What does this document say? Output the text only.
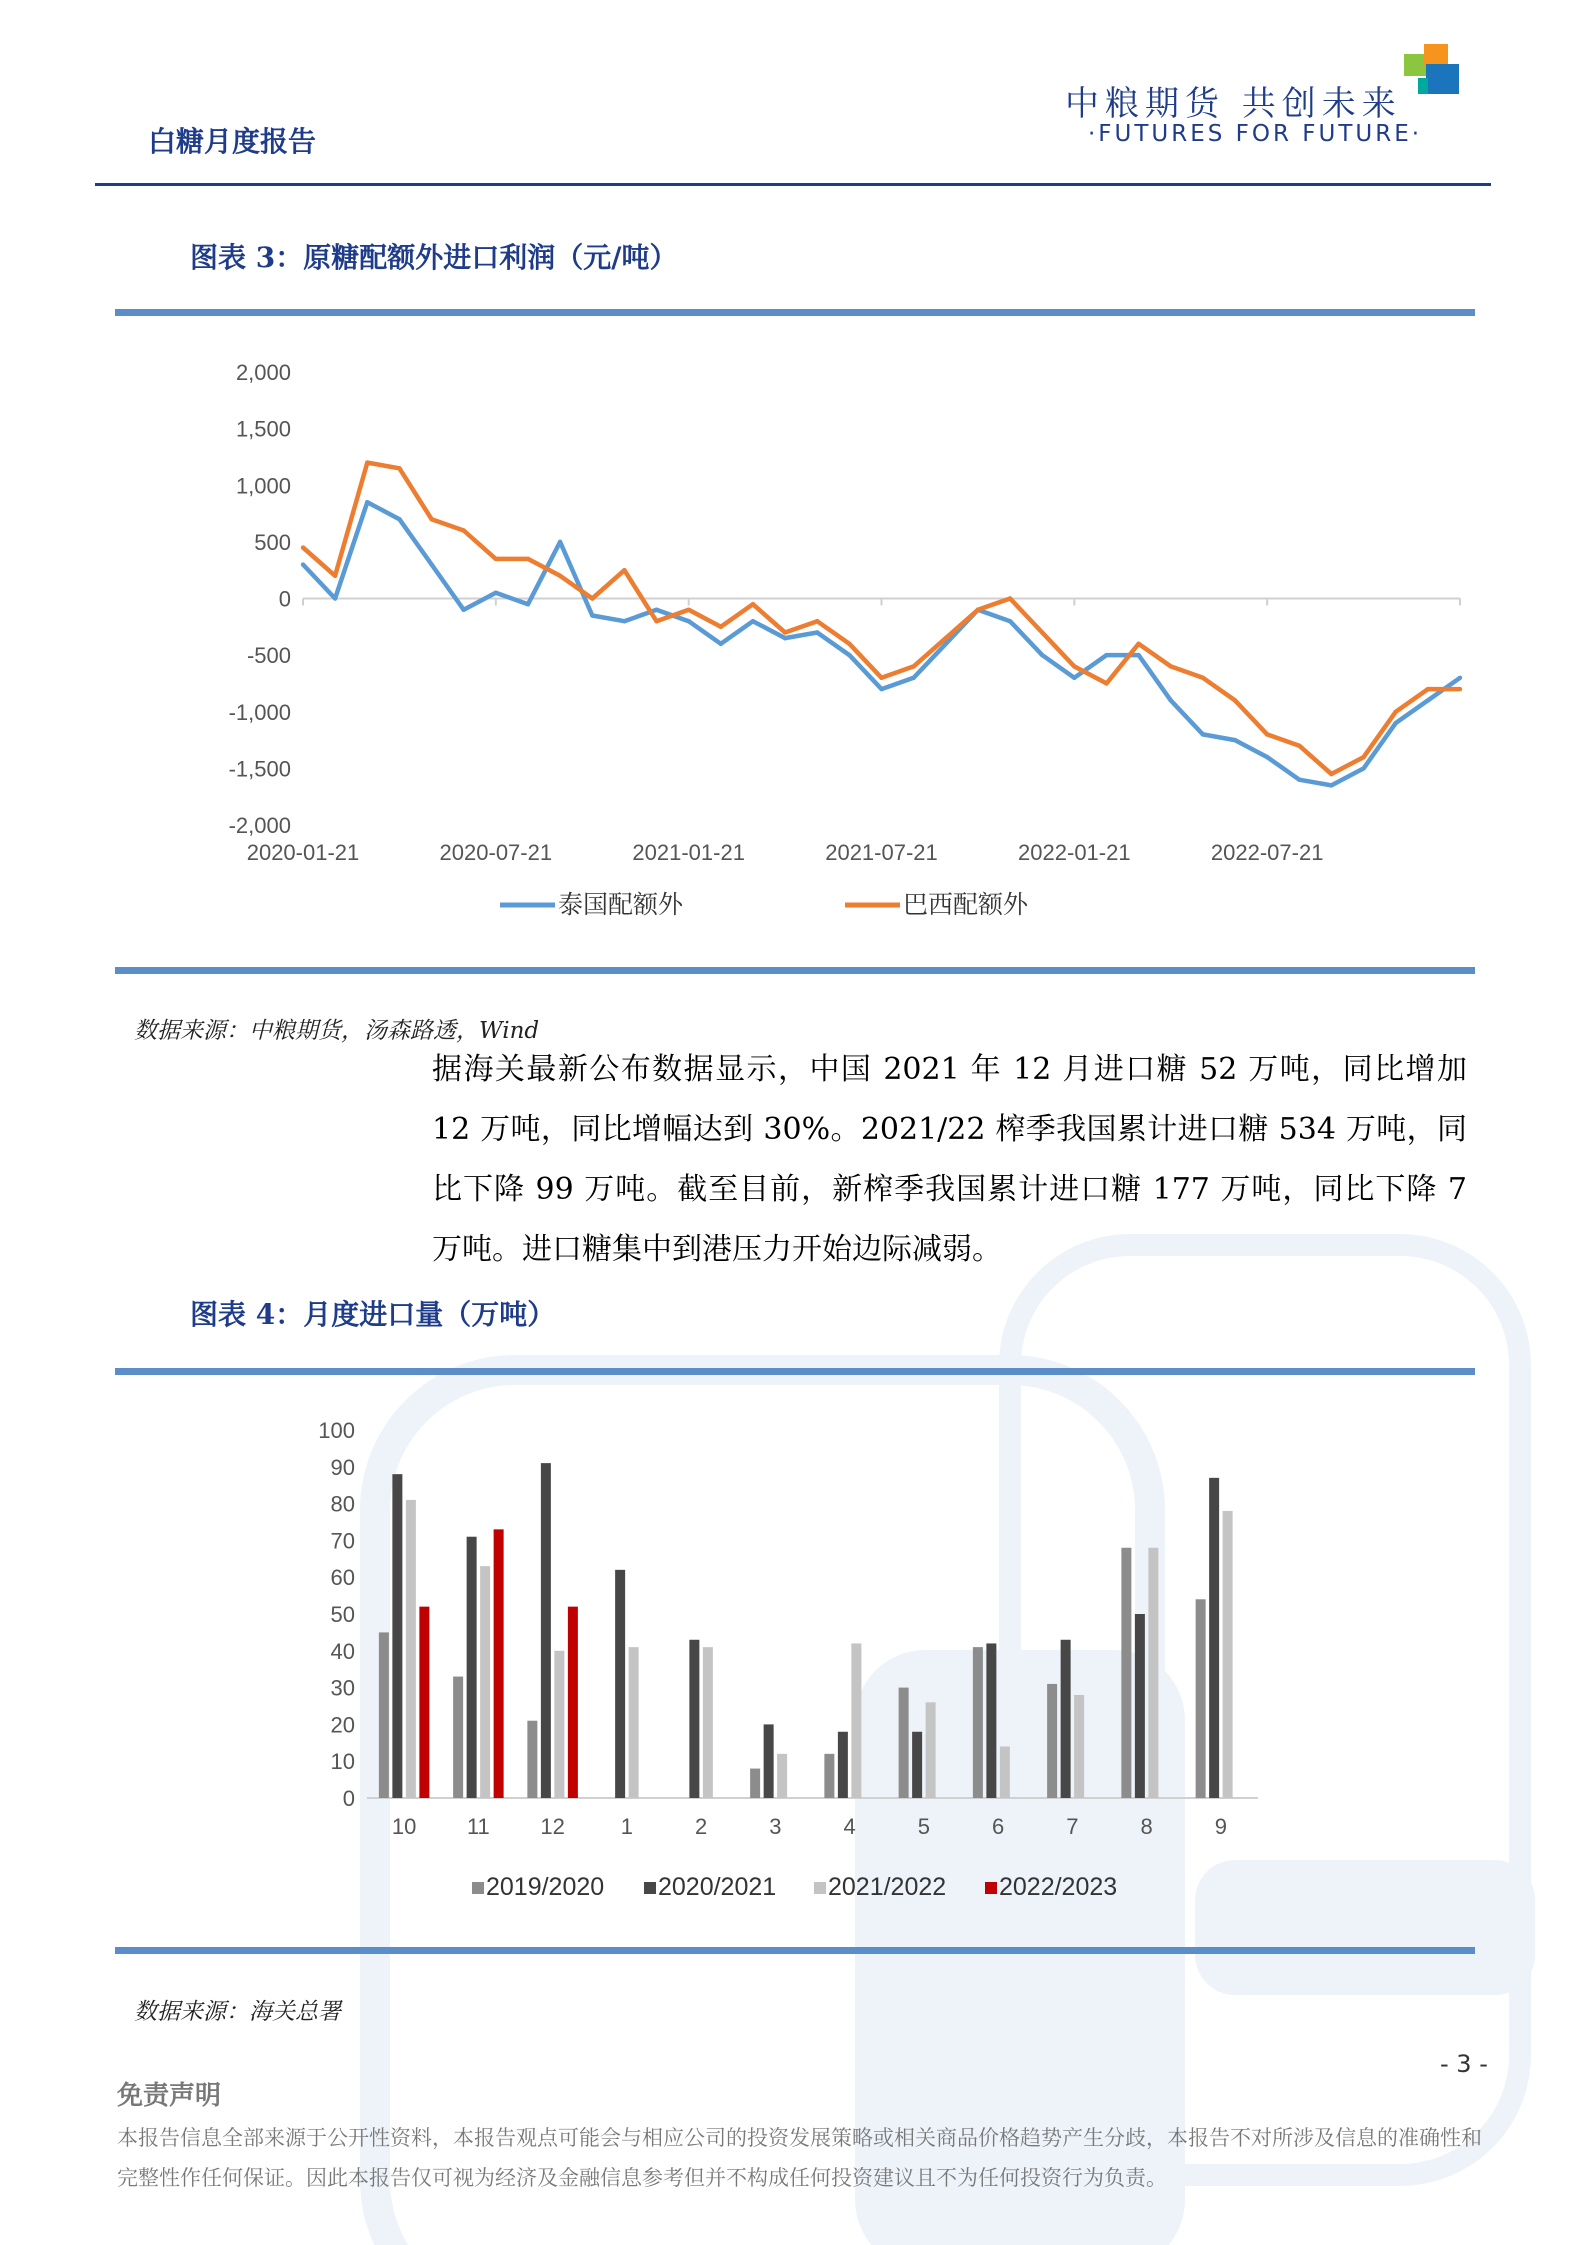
白糖月度报告
中粮期货 共创未来
·FUTURES FOR FUTURE·
图表 3：原糖配额外进口利润（元/吨）
2,000
1,500
1,000
500
0
-500
-1,000
-1,500
-2,000
2020-01-21	2020-07-21	2021-01-21	2021-07-21	2022-01-21	2022-07-21
泰国配额外	巴西配额外
数据来源：中粮期货，汤森路透，Wind

据海关最新公布数据显示，中国 2021 年 12 月进口糖 52 万吨，同比增加 12 万吨，同比增幅达到 30%。2021/22 榨季我国累计进口糖 534 万吨，同比下降 99 万吨。截至目前，新榨季我国累计进口糖 177 万吨，同比下降 7 万吨。进口糖集中到港压力开始边际减弱。

图表 4：月度进口量（万吨）
100
90
80
70
60
50
40
30
20
10
0
10 11 12	1	2	3	4	5	6	7	8	9
2019/2020 2020/2021 2021/2022 2022/2023
数据来源：海关总署
- 3 -
免责声明
本报告信息全部来源于公开性资料，本报告观点可能会与相应公司的投资发展策略或相关商品价格趋势产生分歧，本报告不对所涉及信息的准确性和完整性作任何保证。因此本报告仅可视为经济及金融信息参考但并不构成任何投资建议且不为任何投资行为负责。
